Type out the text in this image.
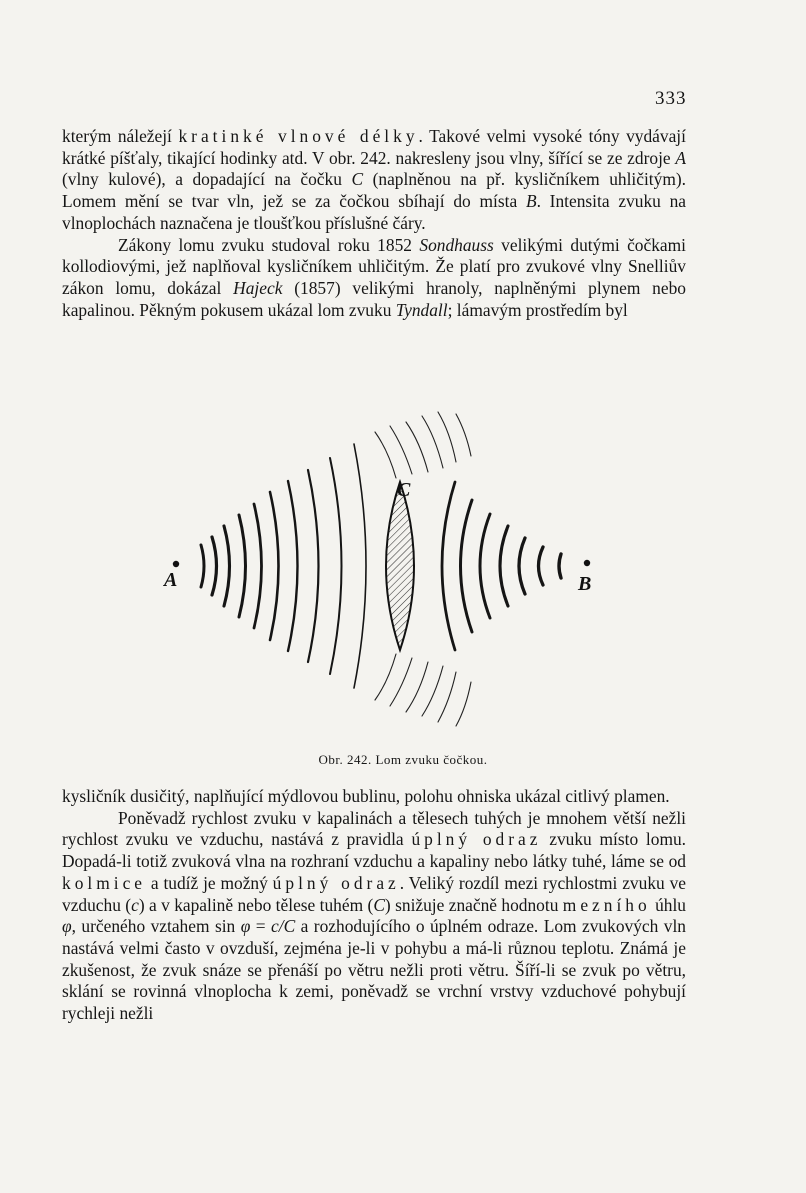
333

kterým náležejí kratinké vlnové délky. Takové velmi vysoké tóny vydávají krátké píšťaly, tikající hodinky atd. V obr. 242. nakresleny jsou vlny, šířící se ze zdroje A (vlny kulové), a dopadající na čočku C (naplněnou na př. kysličníkem uhličitým). Lomem mění se tvar vln, jež se za čočkou sbíhají do místa B. Intensita zvuku na vlnoplochách naznačena je tloušťkou příslušné čáry.

Zákony lomu zvuku studoval roku 1852 Sondhauss velikými dutými čočkami kollodiovými, jež naplňoval kysličníkem uhličitým. Že platí pro zvukové vlny Snelliův zákon lomu, dokázal Hajeck (1857) velikými hranoly, naplněnými plynem nebo kapalinou. Pěkným pokusem ukázal lom zvuku Tyndall; lámavým prostředím byl

A	B
C
Obr. 242. Lom zvuku čočkou.

kysličník dusičitý, naplňující mýdlovou bublinu, polohu ohniska ukázal citlivý plamen.

Poněvadž rychlost zvuku v kapalinách a tělesech tuhých je mnohem větší nežli rychlost zvuku ve vzduchu, nastává z pravidla úplný odraz zvuku místo lomu. Dopadá-li totiž zvuková vlna na rozhraní vzduchu a kapaliny nebo látky tuhé, láme se od kolmice a tudíž je možný úplný odraz. Veliký rozdíl mezi rychlostmi zvuku ve vzduchu (c) a v kapalině nebo tělese tuhém (C) snižuje značně hodnotu mezního úhlu φ, určeného vztahem sin φ = c/C a rozhodujícího o úplném odraze. Lom zvukových vln nastává velmi často v ovzduší, zejména je-li v pohybu a má-li různou teplotu. Známá je zkušenost, že zvuk snáze se přenáší po větru nežli proti větru. Šíří-li se zvuk po větru, sklání se rovinná vlnoplocha k zemi, poněvadž se vrchní vrstvy vzduchové pohybují rychleji nežli
